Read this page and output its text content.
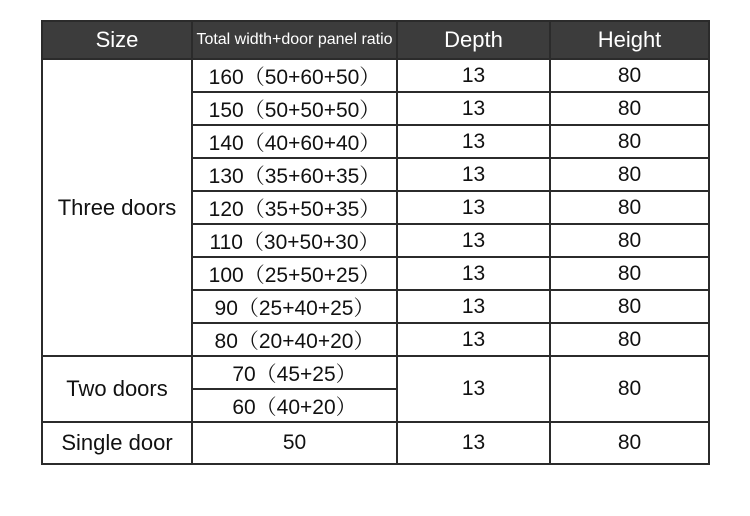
Size	Total width+door panel ratio	Depth	Height
Three doors	160（50+60+50）	13	80
	150（50+50+50）	13	80
	140（40+60+40）	13	80
	130（35+60+35）	13	80
	120（35+50+35）	13	80
	110（30+50+30）	13	80
	100（25+50+25）	13	80
	90（25+40+25）	13	80
	80（20+40+20）	13	80
Two doors	70（45+25）	13	80
	60（40+20）		
Single door	50	13	80
